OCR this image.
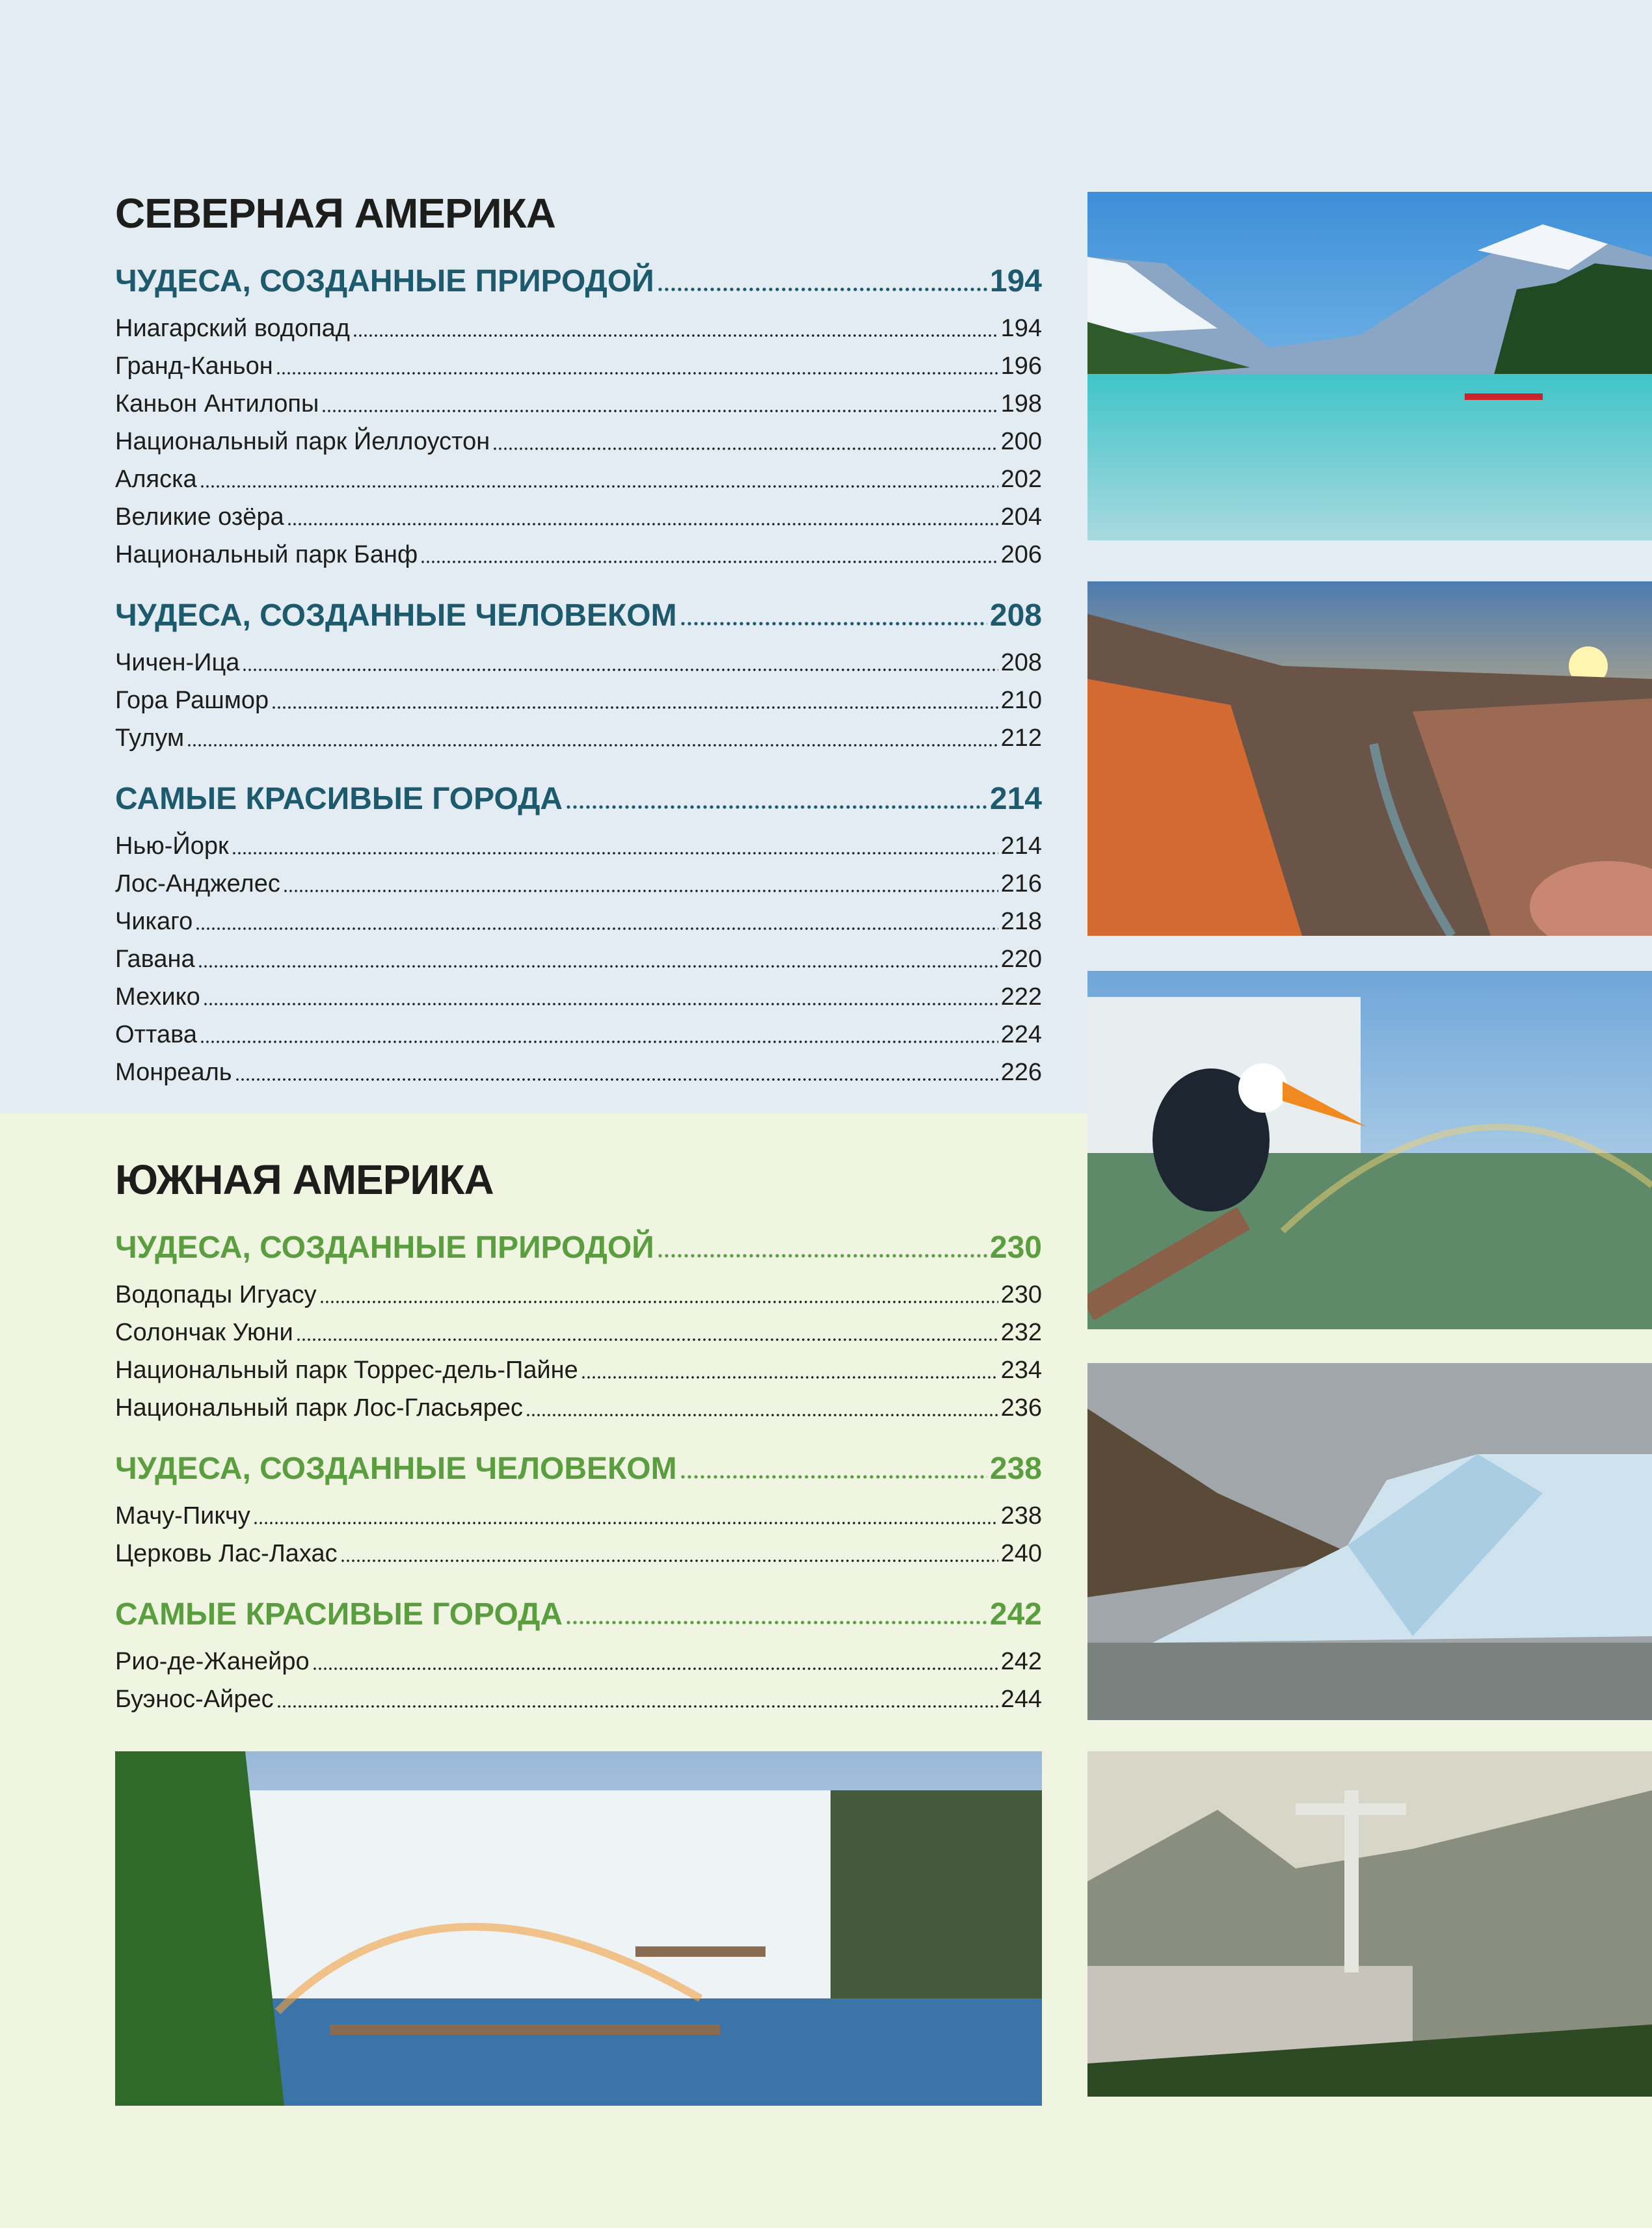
СЕВЕРНАЯ АМЕРИКА
ЧУДЕСА, СОЗДАННЫЕ ПРИРОДОЙ	194
Ниагарский водопад	194
Гранд-Каньон	196
Каньон Антилопы	198
Национальный парк Йеллоустон	200
Аляска	202
Великие озёра	204
Национальный парк Банф	206
ЧУДЕСА, СОЗДАННЫЕ ЧЕЛОВЕКОМ	208
Чичен-Ица	208
Гора Рашмор	210
Тулум	212
САМЫЕ КРАСИВЫЕ ГОРОДА	214
Нью-Йорк	214
Лос-Анджелес	216
Чикаго	218
Гавана	220
Мехико	222
Оттава	224
Монреаль	226
ЮЖНАЯ АМЕРИКА
ЧУДЕСА, СОЗДАННЫЕ ПРИРОДОЙ	230
Водопады Игуасу	230
Солончак Уюни	232
Национальный парк Торрес-дель-Пайне	234
Национальный парк Лос-Гласьярес	236
ЧУДЕСА, СОЗДАННЫЕ ЧЕЛОВЕКОМ	238
Мачу-Пикчу	238
Церковь Лас-Лахас	240
САМЫЕ КРАСИВЫЕ ГОРОДА	242
Рио-де-Жанейро	242
Буэнос-Айрес	244
